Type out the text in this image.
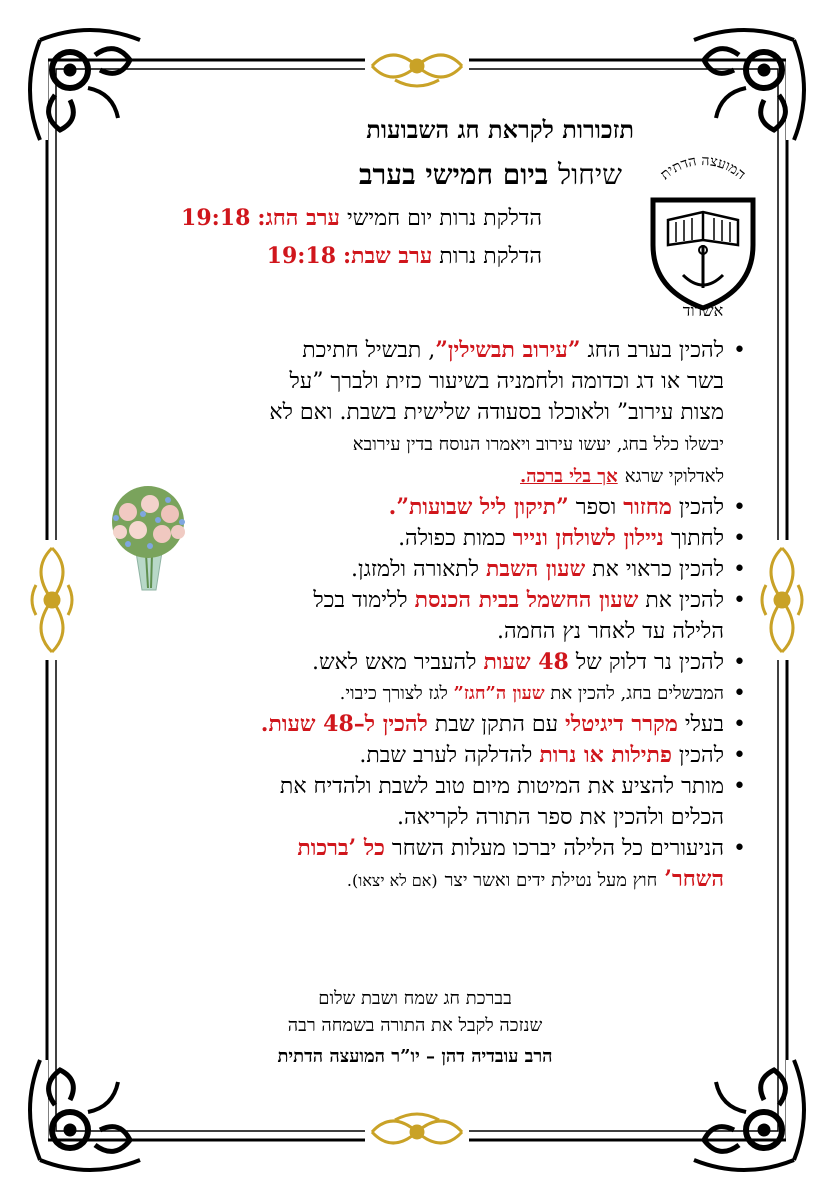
המועצה הדתית
אשדוד
תזכורות לקראת חג השבועות
שיחול ביום חמישי בערב
הדלקת נרות יום חמישי ערב החג: 19:18
הדלקת נרות ערב שבת: 19:18
• להכין בערב החג ”עירוב תבשילין”, תבשיל חתיכת
בשר או דג וכדומה ולחמניה בשיעור כזית ולברך ”על
מצות עירוב” ולאוכלו בסעודה שלישית בשבת. ואם לא
יבשלו כלל בחג, יעשו עירוב ויאמרו הנוסח בדין עירובא
לאדלוקי שרגא אך בלי ברכה.
• להכין מחזור וספר ”תיקון ליל שבועות”.
• לחתוך ניילון לשולחן ונייר כמות כפולה.
• להכין כראוי את שעון השבת לתאורה ולמזגן.
• להכין את שעון החשמל בבית הכנסת ללימוד בכל
הלילה עד לאחר נץ החמה.
• להכין נר דלוק של 48 שעות להעביר מאש לאש.
• המבשלים בחג, להכין את שעון ה”חגז” לגז לצורך כיבוי.
• בעלי מקרר דיגיטלי עם התקן שבת להכין ל–48 שעות.
• להכין פתילות או נרות להדלקה לערב שבת.
• מותר להציע את המיטות מיום טוב לשבת ולהדיח את
הכלים ולהכין את ספר התורה לקריאה.
• הניעורים כל הלילה יברכו מעלות השחר כל ’ברכות
השחר’ חוץ מעל נטילת ידים ואשר יצר (אם לא יצאו).
בברכת חג שמח ושבת שלום
שנזכה לקבל את התורה בשמחה רבה
הרב עובדיה דהן – יו”ר המועצה הדתית
